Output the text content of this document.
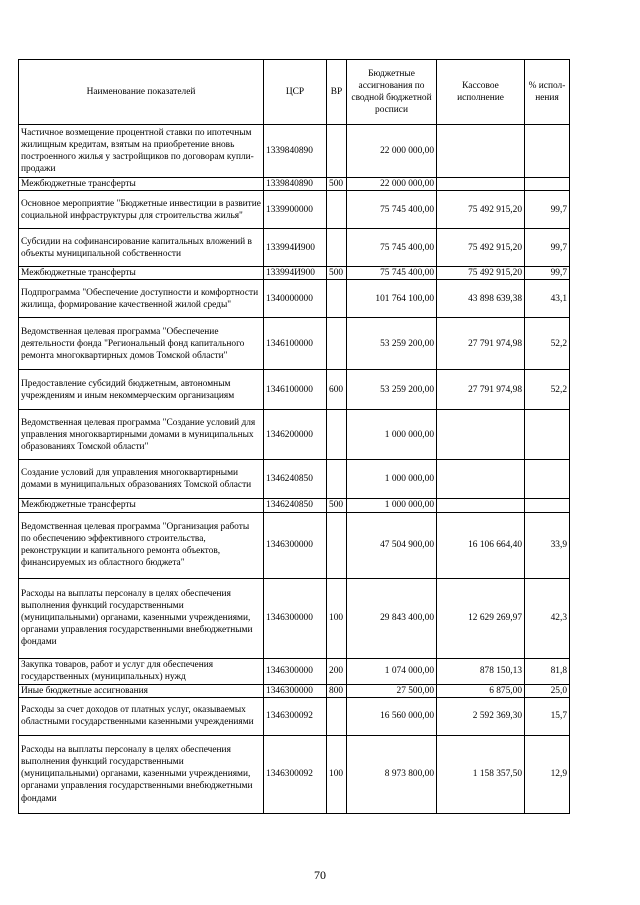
Наименование показателей	ЦСР	ВР	Бюджетные ассигнования по сводной бюджетной росписи	Кассовое исполнение	% испол-нения
Частичное возмещение процентной ставки по ипотечным жилищным кредитам, взятым на приобретение вновь построенного жилья у застройщиков по договорам купли-продажи	1339840890		22 000 000,00		
Межбюджетные трансферты	1339840890	500	22 000 000,00		
Основное мероприятие "Бюджетные инвестиции в развитие социальной инфраструктуры для строительства жилья"	1339900000		75 745 400,00	75 492 915,20	99,7
Субсидии на софинансирование капитальных вложений в объекты муниципальной собственности	133994И900		75 745 400,00	75 492 915,20	99,7
Межбюджетные трансферты	133994И900	500	75 745 400,00	75 492 915,20	99,7
Подпрограмма "Обеспечение доступности и комфортности жилища, формирование качественной жилой среды"	1340000000		101 764 100,00	43 898 639,38	43,1
Ведомственная целевая программа "Обеспечение деятельности фонда "Региональный фонд капитального ремонта многоквартирных домов Томской области"	1346100000		53 259 200,00	27 791 974,98	52,2
Предоставление субсидий бюджетным, автономным учреждениям и иным некоммерческим организациям	1346100000	600	53 259 200,00	27 791 974,98	52,2
Ведомственная целевая программа "Создание условий для управления многоквартирными домами в муниципальных образованиях Томской области"	1346200000		1 000 000,00		
Создание условий для управления многоквартирными домами в муниципальных образованиях Томской области	1346240850		1 000 000,00		
Межбюджетные трансферты	1346240850	500	1 000 000,00		
Ведомственная целевая программа "Организация работы по обеспечению эффективного строительства, реконструкции и капитального ремонта объектов, финансируемых из областного бюджета"	1346300000		47 504 900,00	16 106 664,40	33,9
Расходы на выплаты персоналу в целях обеспечения выполнения функций государственными (муниципальными) органами, казенными учреждениями, органами управления государственными внебюджетными фондами	1346300000	100	29 843 400,00	12 629 269,97	42,3
Закупка товаров, работ и услуг для обеспечения государственных (муниципальных) нужд	1346300000	200	1 074 000,00	878 150,13	81,8
Иные бюджетные ассигнования	1346300000	800	27 500,00	6 875,00	25,0
Расходы за счет доходов от платных услуг, оказываемых областными государственными казенными учреждениями	1346300092		16 560 000,00	2 592 369,30	15,7
Расходы на выплаты персоналу в целях обеспечения выполнения функций государственными (муниципальными) органами, казенными учреждениями, органами управления государственными внебюджетными фондами	1346300092	100	8 973 800,00	1 158 357,50	12,9
70
